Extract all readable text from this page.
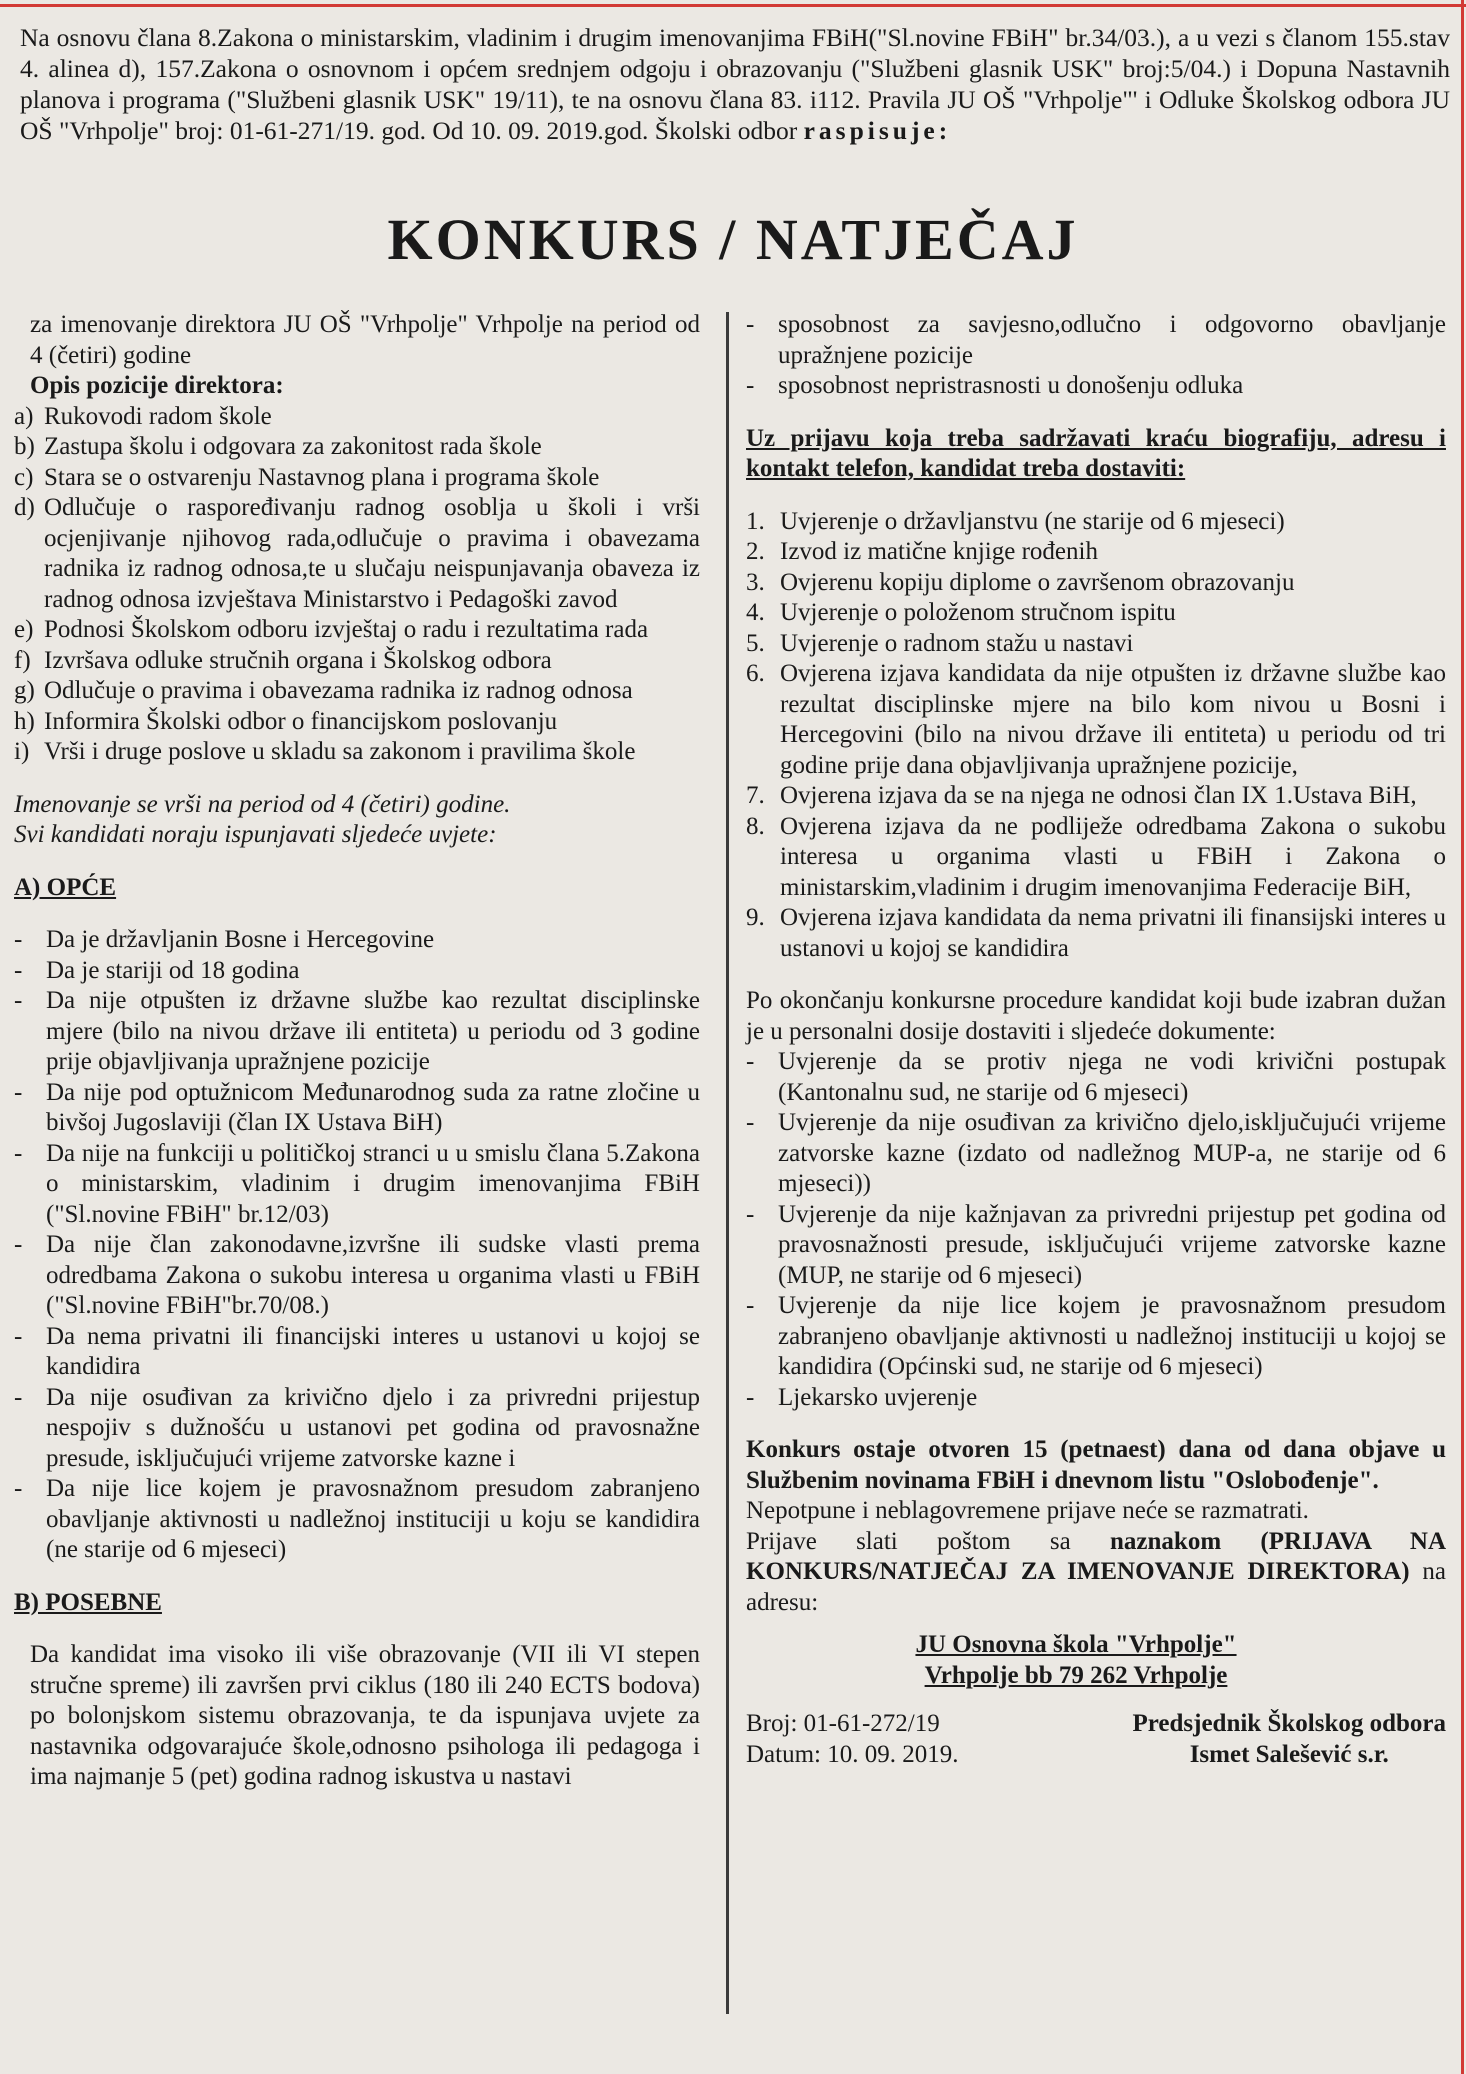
Na osnovu člana 8.Zakona o ministarskim, vladinim i drugim imenovanjima FBiH("Sl.novine FBiH" br.34/03.), a u vezi s članom 155.stav 4. alinea d), 157.Zakona o osnovnom i općem srednjem odgoju i obrazovanju ("Službeni glasnik USK" broj:5/04.) i Dopuna Nastavnih planova i programa ("Službeni glasnik USK" 19/11), te na osnovu člana 83. i112. Pravila JU OŠ "Vrhpolje"' i Odluke Školskog odbora JU OŠ "Vrhpolje" broj: 01-61-271/19. god. Od 10. 09. 2019.god. Školski odbor raspisuje:

KONKURS / NATJEČAJ

za imenovanje direktora JU OŠ "Vrhpolje" Vrhpolje na period od 4 (četiri) godine

Opis pozicije direktora:

a) Rukovodi radom škole
b) Zastupa školu i odgovara za zakonitost rada škole
c) Stara se o ostvarenju Nastavnog plana i programa škole
d) Odlučuje o raspoređivanju radnog osoblja u školi i vrši ocjenjivanje njihovog rada,odlučuje o pravima i obavezama radnika iz radnog odnosa,te u slučaju neispunjavanja obaveza iz radnog odnosa izvještava Ministarstvo i Pedagoški zavod
e) Podnosi Školskom odboru izvještaj o radu i rezultatima rada
f) Izvršava odluke stručnih organa i Školskog odbora
g) Odlučuje o pravima i obavezama radnika iz radnog odnosa
h) Informira Školski odbor o financijskom poslovanju
i) Vrši i druge poslove u skladu sa zakonom i pravilima škole

Imenovanje se vrši na period od 4 (četiri) godine.

Svi kandidati noraju ispunjavati sljedeće uvjete:

A) OPĆE

- Da je državljanin Bosne i Hercegovine
- Da je stariji od 18 godina
- Da nije otpušten iz državne službe kao rezultat disciplinske mjere (bilo na nivou države ili entiteta) u periodu od 3 godine prije objavljivanja upražnjene pozicije
- Da nije pod optužnicom Međunarodnog suda za ratne zločine u bivšoj Jugoslaviji (član IX Ustava BiH)
- Da nije na funkciji u političkoj stranci u u smislu člana 5.Zakona o ministarskim, vladinim i drugim imenovanjima FBiH ("Sl.novine FBiH" br.12/03)
- Da nije član zakonodavne,izvršne ili sudske vlasti prema odredbama Zakona o sukobu interesa u organima vlasti u FBiH ("Sl.novine FBiH"br.70/08.)
- Da nema privatni ili financijski interes u ustanovi u kojoj se kandidira
- Da nije osuđivan za krivično djelo i za privredni prijestup nespojiv s dužnošću u ustanovi pet godina od pravosnažne presude, isključujući vrijeme zatvorske kazne i
- Da nije lice kojem je pravosnažnom presudom zabranjeno obavljanje aktivnosti u nadležnoj instituciji u koju se kandidira (ne starije od 6 mjeseci)

B) POSEBNE

Da kandidat ima visoko ili više obrazovanje (VII ili VI stepen stručne spreme) ili završen prvi ciklus (180 ili 240 ECTS bodova) po bolonjskom sistemu obrazovanja, te da ispunjava uvjete za nastavnika odgovarajuće škole,odnosno psihologa ili pedagoga i ima najmanje 5 (pet) godina radnog iskustva u nastavi

- sposobnost za savjesno,odlučno i odgovorno obavljanje upražnjene pozicije
- sposobnost nepristrasnosti u donošenju odluka

Uz prijavu koja treba sadržavati kraću biografiju, adresu i kontakt telefon, kandidat treba dostaviti:

1. Uvjerenje o državljanstvu (ne starije od 6 mjeseci)
2. Izvod iz matične knjige rođenih
3. Ovjerenu kopiju diplome o završenom obrazovanju
4. Uvjerenje o položenom stručnom ispitu
5. Uvjerenje o radnom stažu u nastavi
6. Ovjerena izjava kandidata da nije otpušten iz državne službe kao rezultat disciplinske mjere na bilo kom nivou u Bosni i Hercegovini (bilo na nivou države ili entiteta) u periodu od tri godine prije dana objavljivanja upražnjene pozicije,
7. Ovjerena izjava da se na njega ne odnosi član IX 1.Ustava BiH,
8. Ovjerena izjava da ne podliježe odredbama Zakona o sukobu interesa u organima vlasti u FBiH i Zakona o ministarskim,vladinim i drugim imenovanjima Federacije BiH,
9. Ovjerena izjava kandidata da nema privatni ili finansijski interes u ustanovi u kojoj se kandidira

Po okončanju konkursne procedure kandidat koji bude izabran dužan je u personalni dosije dostaviti i sljedeće dokumente:

- Uvjerenje da se protiv njega ne vodi krivični postupak (Kantonalnu sud, ne starije od 6 mjeseci)
- Uvjerenje da nije osuđivan za krivično djelo,isključujući vrijeme zatvorske kazne (izdato od nadležnog MUP-a, ne starije od 6 mjeseci))
- Uvjerenje da nije kažnjavan za privredni prijestup pet godina od pravosnažnosti presude, isključujući vrijeme zatvorske kazne (MUP, ne starije od 6 mjeseci)
- Uvjerenje da nije lice kojem je pravosnažnom presudom zabranjeno obavljanje aktivnosti u nadležnoj instituciji u kojoj se kandidira (Općinski sud, ne starije od 6 mjeseci)
- Ljekarsko uvjerenje

Konkurs ostaje otvoren 15 (petnaest) dana od dana objave u Službenim novinama FBiH i dnevnom listu "Oslobođenje".

Nepotpune i neblagovremene prijave neće se razmatrati.

Prijave slati poštom sa naznakom (PRIJAVA NA KONKURS/NATJEČAJ ZA IMENOVANJE DIREKTORA) na adresu:

JU Osnovna škola "Vrhpolje"

Vrhpolje bb 79 262 Vrhpolje

Broj: 01-61-272/19

Datum: 10. 09. 2019.

Predsjednik Školskog odbora

Ismet Salešević s.r.
